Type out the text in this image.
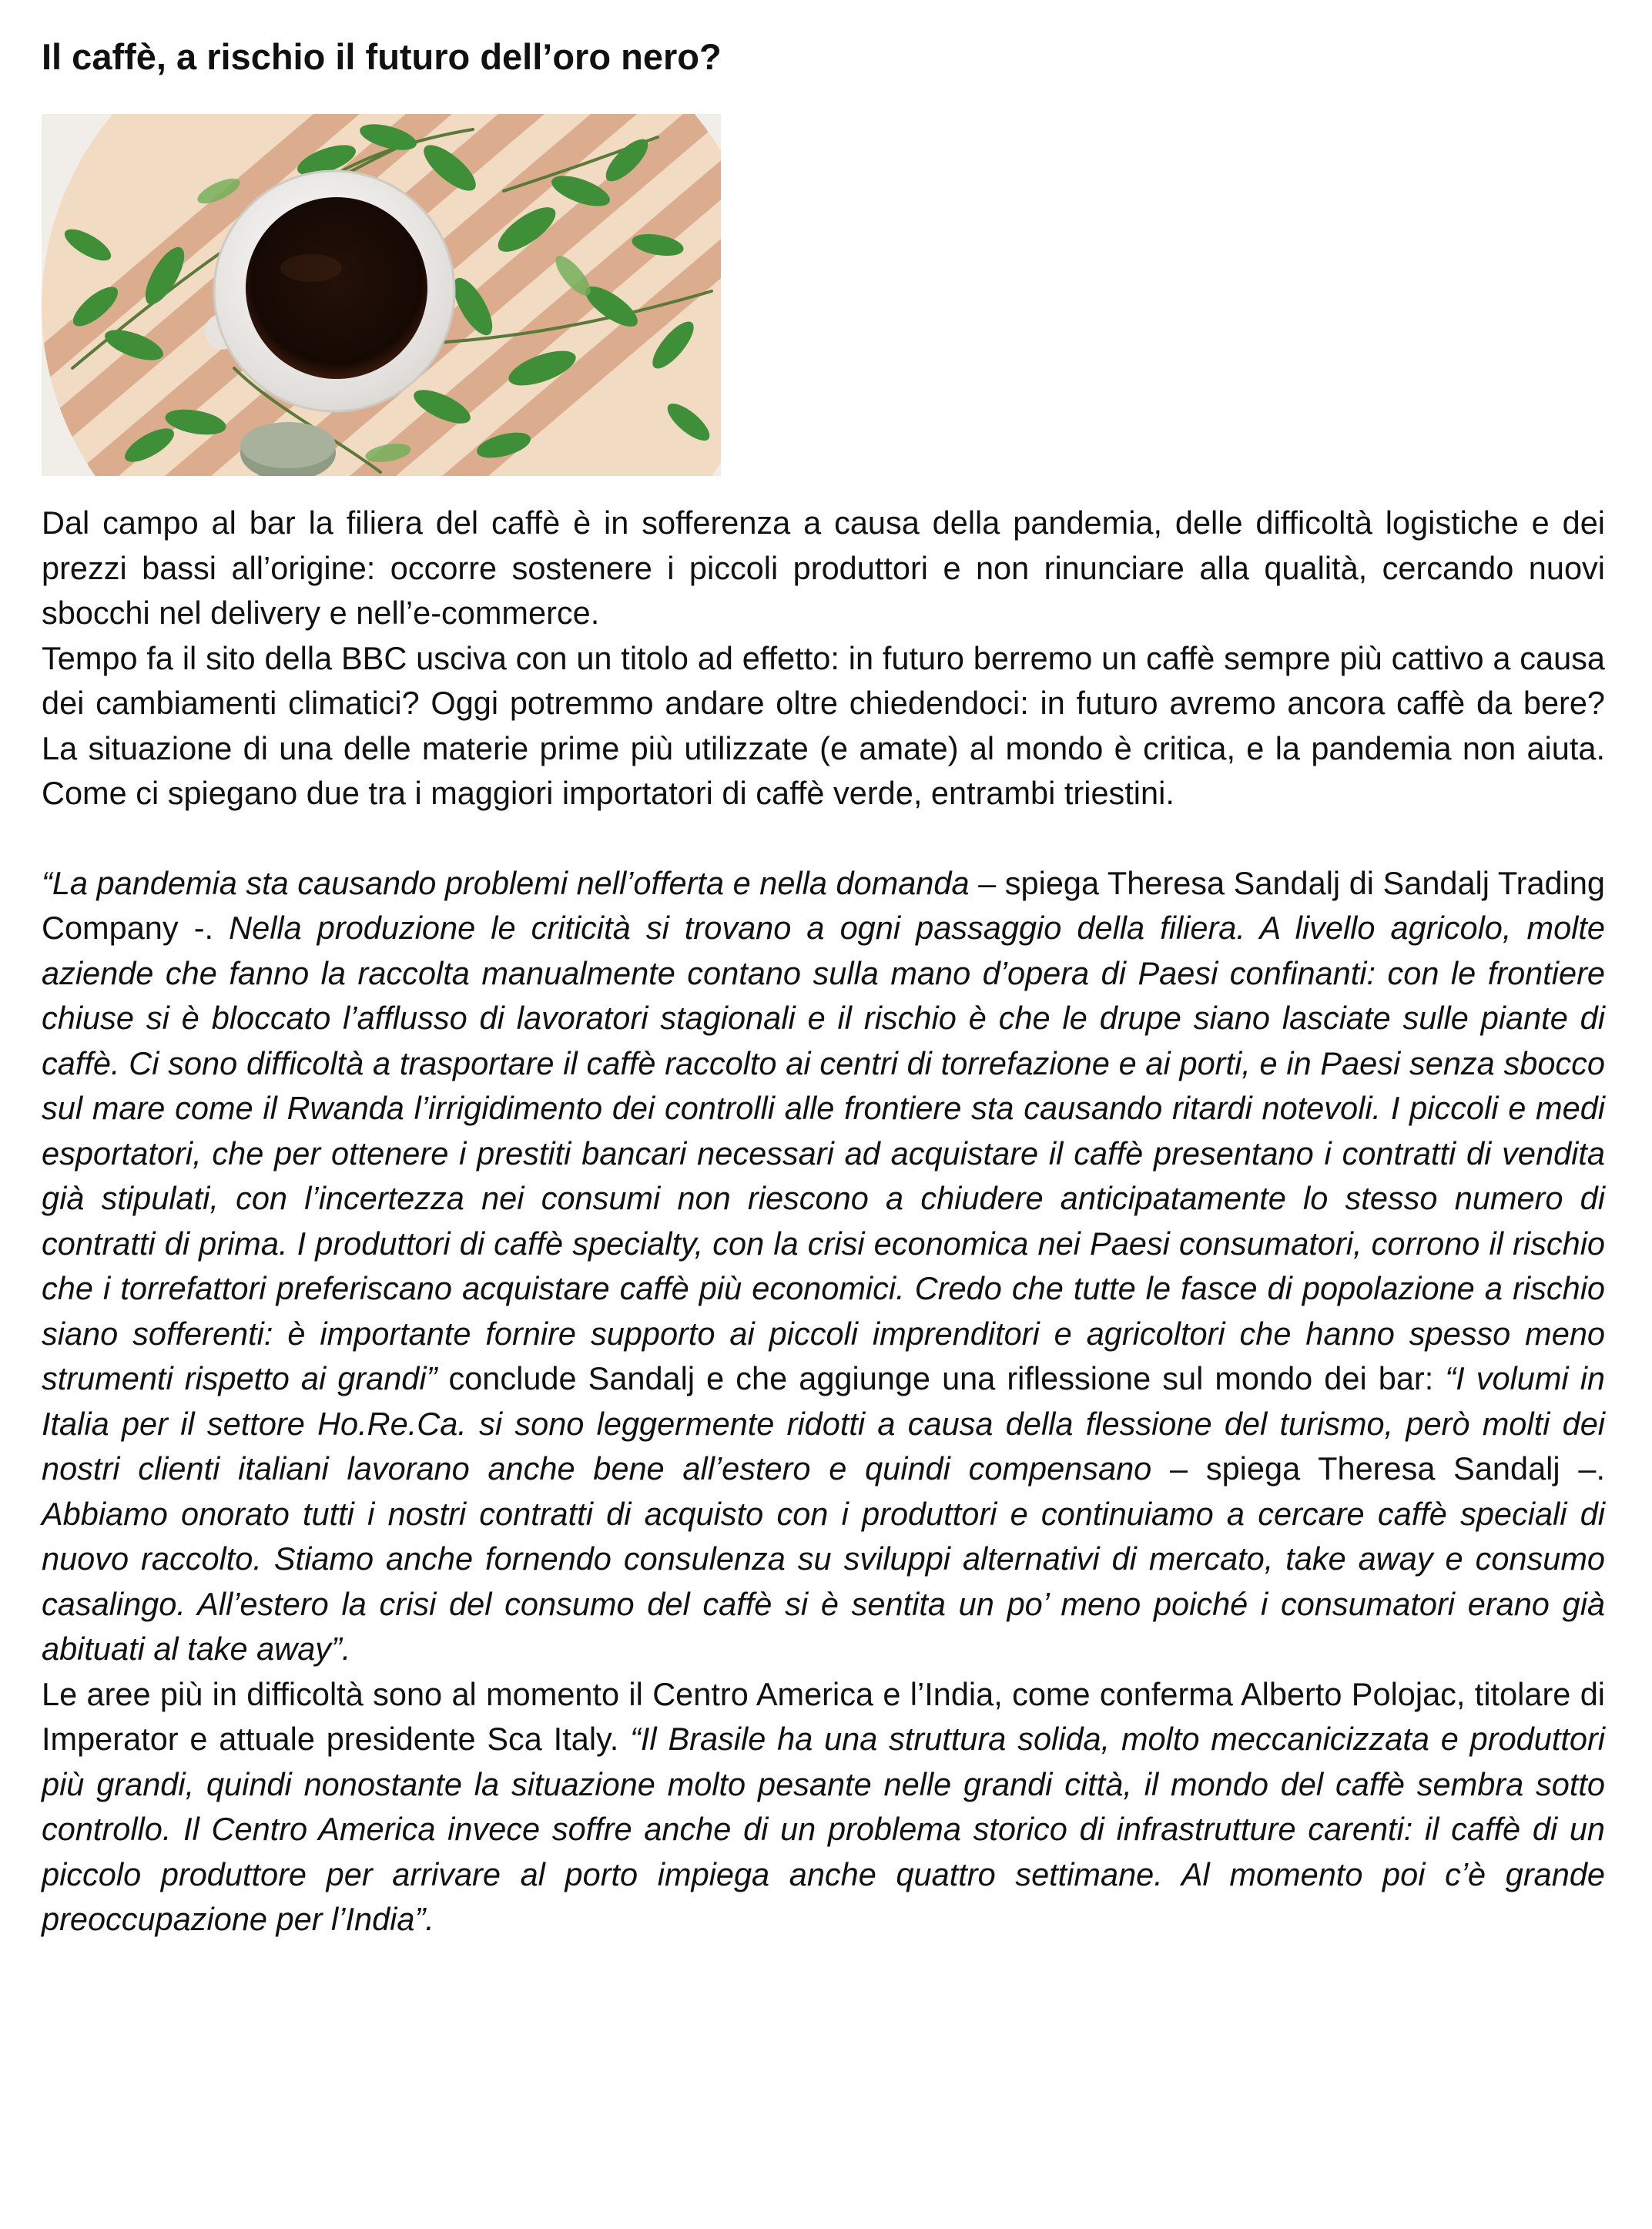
Il caffè, a rischio il futuro dell’oro nero?

Dal campo al bar la filiera del caffè è in sofferenza a causa della pandemia, delle difficoltà logistiche e dei prezzi bassi all’origine: occorre sostenere i piccoli produttori e non rinunciare alla qualità, cercando nuovi sbocchi nel delivery e nell’e-commerce.

Tempo fa il sito della BBC usciva con un titolo ad effetto: in futuro berremo un caffè sempre più cattivo a causa dei cambiamenti climatici? Oggi potremmo andare oltre chiedendoci: in futuro avremo ancora caffè da bere? La situazione di una delle materie prime più utilizzate (e amate) al mondo è critica, e la pandemia non aiuta. Come ci spiegano due tra i maggiori importatori di caffè verde, entrambi triestini.

“La pandemia sta causando problemi nell’offerta e nella domanda – spiega Theresa Sandalj di Sandalj Trading Company -. Nella produzione le criticità si trovano a ogni passaggio della filiera. A livello agricolo, molte aziende che fanno la raccolta manualmente contano sulla mano d’opera di Paesi confinanti: con le frontiere chiuse si è bloccato l’afflusso di lavoratori stagionali e il rischio è che le drupe siano lasciate sulle piante di caffè. Ci sono difficoltà a trasportare il caffè raccolto ai centri di torrefazione e ai porti, e in Paesi senza sbocco sul mare come il Rwanda l’irrigidimento dei controlli alle frontiere sta causando ritardi notevoli. I piccoli e medi esportatori, che per ottenere i prestiti bancari necessari ad acquistare il caffè presentano i contratti di vendita già stipulati, con l’incertezza nei consumi non riescono a chiudere anticipatamente lo stesso numero di contratti di prima. I produttori di caffè specialty, con la crisi economica nei Paesi consumatori, corrono il rischio che i torrefattori preferiscano acquistare caffè più economici. Credo che tutte le fasce di popolazione a rischio siano sofferenti: è importante fornire supporto ai piccoli imprenditori e agricoltori che hanno spesso meno strumenti rispetto ai grandi” conclude Sandalj e che aggiunge una riflessione sul mondo dei bar: “I volumi in Italia per il settore Ho.Re.Ca. si sono leggermente ridotti a causa della flessione del turismo, però molti dei nostri clienti italiani lavorano anche bene all’estero e quindi compensano – spiega Theresa Sandalj –. Abbiamo onorato tutti i nostri contratti di acquisto con i produttori e continuiamo a cercare caffè speciali di nuovo raccolto. Stiamo anche fornendo consulenza su sviluppi alternativi di mercato, take away e consumo casalingo. All’estero la crisi del consumo del caffè si è sentita un po’ meno poiché i consumatori erano già abituati al take away”.

Le aree più in difficoltà sono al momento il Centro America e l’India, come conferma Alberto Polojac, titolare di Imperator e attuale presidente Sca Italy. “Il Brasile ha una struttura solida, molto meccanicizzata e produttori più grandi, quindi nonostante la situazione molto pesante nelle grandi città, il mondo del caffè sembra sotto controllo. Il Centro America invece soffre anche di un problema storico di infrastrutture carenti: il caffè di un piccolo produttore per arrivare al porto impiega anche quattro settimane. Al momento poi c’è grande preoccupazione per l’India”.
